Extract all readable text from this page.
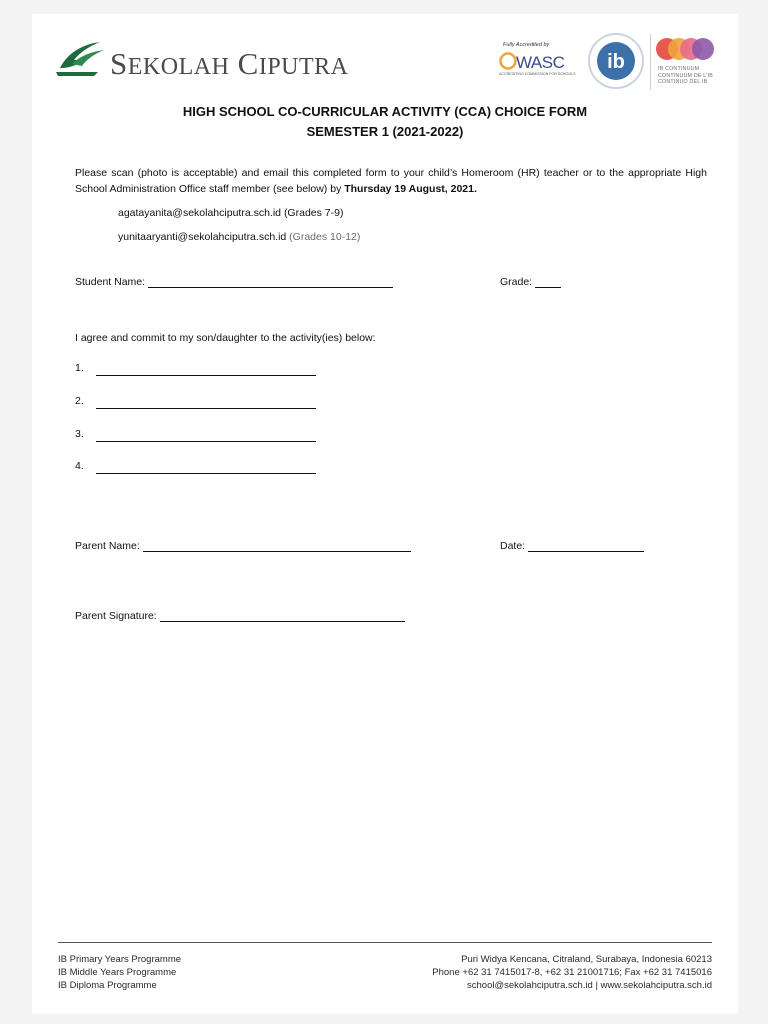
SEKOLAH CIPUTRA
Fully Accredited by
WASC
ACCREDITING COMMISSION FOR SCHOOLS
ib	IB CONTINUUM
CONTINUUM DE L'IB
CONTINUO DEL IB
HIGH SCHOOL CO-CURRICULAR ACTIVITY (CCA) CHOICE FORM
SEMESTER 1 (2021-2022)
Please scan (photo is acceptable) and email this completed form to your child’s Homeroom (HR) teacher or to the appropriate High School Administration Office staff member (see below) by Thursday 19 August, 2021.
agatayanita@sekolahciputra.sch.id (Grades 7-9)
yunitaaryanti@sekolahciputra.sch.id (Grades 10-12)
Student Name:	Grade:
I agree and commit to my son/daughter to the activity(ies) below:
1.
2.
3.
4.
Parent Name:	Date:
Parent Signature:
IB Primary Years Programme
IB Middle Years Programme
IB Diploma Programme
Puri Widya Kencana, Citraland, Surabaya, Indonesia 60213
Phone +62 31 7415017-8, +62 31 21001716; Fax +62 31 7415016
school@sekolahciputra.sch.id | www.sekolahciputra.sch.id
